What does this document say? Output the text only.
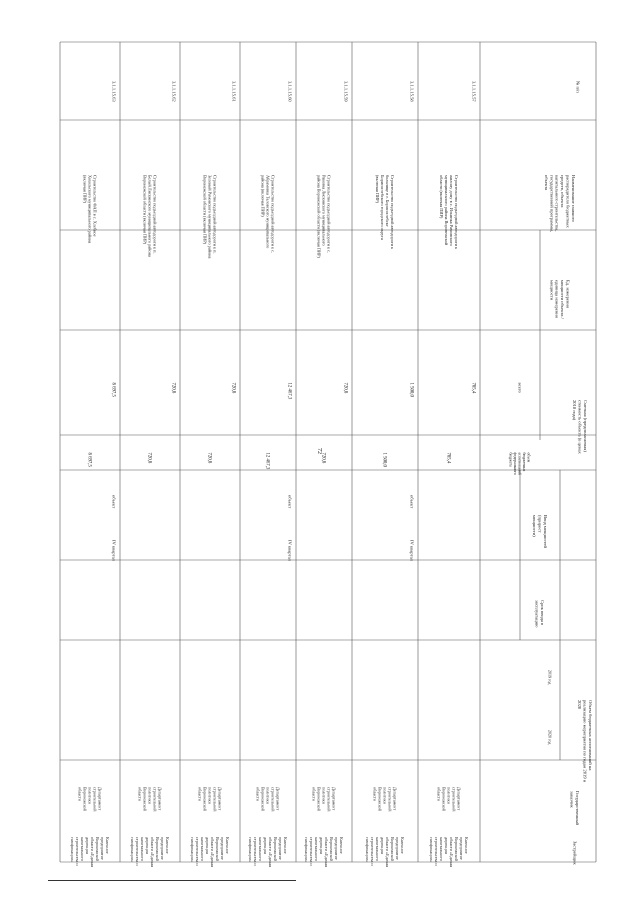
72
№ п/п
Наименование главногораспорядителя бюджетныхсредств, объектакапитального строительства,государственной программы,объекта
Ед. измерениямощности объекта /единица измерениямощности
Сметная (предполагаемая)стоимость объекта (в ценах2018 года)
всего
объембюджетныхассигнованийфедеральногобюджета
Ввод мощностей(приростмощности)
Срок ввода вэксплуатацию
Объем бюджетных ассигнований нареализацию мероприятия по годам 2019 и2020
2019 год
2020 год
Государственныйзаказчик
Застройщик
3.1.1.15.57
Строительство подъездной автодороги кжилому дому в с. Ильинка Рамонскогомуниципального района Воронежскойобласти (включая ПИР)
785,4
785,4
ДепартаментстроительнойполитикиВоронежскойобласти
КазенноепредприятиеВоронежскойобласти «Единаядирекциякапитальногостроительства игазификации»
3.1.1.15.58
Строительство подъездной автодороги кбольнице в г. БорисоглебскеБорисоглебского городского округа(включая ПИР)
1 500,0
1 500,0
объект
IV квартал
ДепартаментстроительнойполитикиВоронежскойобласти
КазенноепредприятиеВоронежскойобласти «Единаядирекциякапитальногостроительства игазификации»
3.1.1.15.59
Строительство подъездной автодороги к с.Раковка Лискинского муниципальногорайона Воронежской области (включая ПИР)
720,8
720,8
ДепартаментстроительнойполитикиВоронежскойобласти
КазенноепредприятиеВоронежскойобласти «Единаядирекциякапитальногостроительства игазификации»
3.1.1.15.60
Строительство подъездной автодороги к с.Абрамовка Таловского муниципальногорайона (включая ПИР)
12 467,3
12 467,3
объект
IV квартал
ДепартаментстроительнойполитикиВоронежскойобласти
КазенноепредприятиеВоронежскойобласти «Единаядирекциякапитальногостроительства игазификации»
3.1.1.15.61
Строительство подъездной автодороги к п.Зеленый Рамонского муниципального районаВоронежской области (включая ПИР)
720,8
720,8
ДепартаментстроительнойполитикиВоронежскойобласти
КазенноепредприятиеВоронежскойобласти «Единаядирекциякапитальногостроительства игазификации»
3.1.1.15.62
Строительство подъездной автодороги к п.Белый Лискинского муниципального районаВоронежской области (включая ПИР)
720,8
720,8
ДепартаментстроительнойполитикиВоронежскойобласти
КазенноепредприятиеВоронежскойобласти «Единаядирекциякапитальногостроительства игазификации»
3.1.1.15.63
Строительство ФАП в с. ХлебноеХохольского муниципального района(включая ПИР)
8 697,5
8 697,5
объект
IV квартал
ДепартаментстроительнойполитикиВоронежскойобласти
КазенноепредприятиеВоронежскойобласти «Единаядирекциякапитальногостроительства игазификации»
